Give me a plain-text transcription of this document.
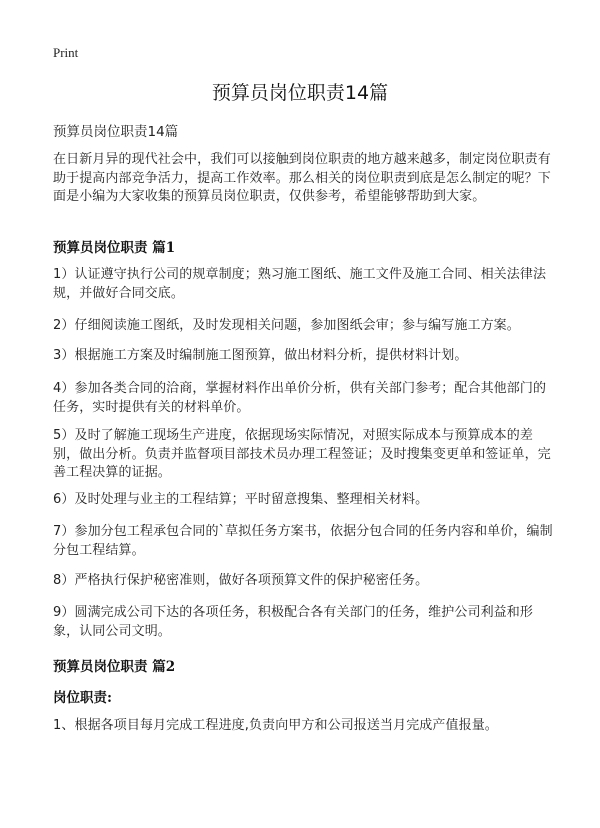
Print
预算员岗位职责14篇

预算员岗位职责14篇

在日新月异的现代社会中，我们可以接触到岗位职责的地方越来越多，制定岗位职责有助于提高内部竞争活力，提高工作效率。那么相关的岗位职责到底是怎么制定的呢？下面是小编为大家收集的预算员岗位职责，仅供参考，希望能够帮助到大家。

预算员岗位职责 篇1

1）认证遵守执行公司的规章制度；熟习施工图纸、施工文件及施工合同、相关法律法规，并做好合同交底。

2）仔细阅读施工图纸，及时发现相关问题，参加图纸会审；参与编写施工方案。

3）根据施工方案及时编制施工图预算，做出材料分析，提供材料计划。

4）参加各类合同的洽商，掌握材料作出单价分析，供有关部门参考；配合其他部门的任务，实时提供有关的材料单价。

5）及时了解施工现场生产进度，依据现场实际情况，对照实际成本与预算成本的差别，做出分析。负责并监督项目部技术员办理工程签证；及时搜集变更单和签证单，完善工程决算的证据。

6）及时处理与业主的工程结算；平时留意搜集、整理相关材料。

7）参加分包工程承包合同的`草拟任务方案书，依据分包合同的任务内容和单价，编制分包工程结算。

8）严格执行保护秘密准则，做好各项预算文件的保护秘密任务。

9）圆满完成公司下达的各项任务，积极配合各有关部门的任务，维护公司利益和形象，认同公司文明。

预算员岗位职责 篇2
岗位职责:

1、根据各项目每月完成工程进度,负责向甲方和公司报送当月完成产值报量。
